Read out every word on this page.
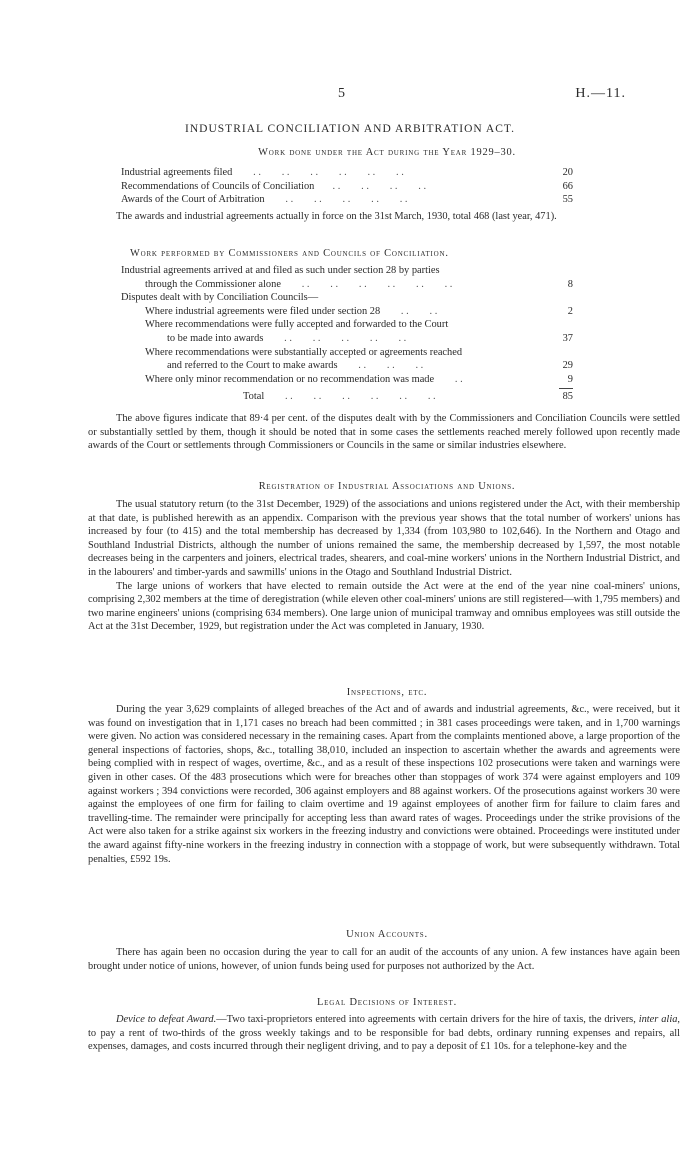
5	H.—11.
INDUSTRIAL CONCILIATION AND ARBITRATION ACT.
Work done under the Act during the Year 1929–30.
Industrial agreements filed        . .        . .        . .        . .        . .        . .	20
Recommendations of Councils of Conciliation       . .        . .        . .        . .	66
Awards of the Court of Arbitration        . .        . .        . .        . .        . .	55

The awards and industrial agreements actually in force on the 31st March, 1930, total 468 (last year, 471).

Work performed by Commissioners and Councils of Conciliation.
Industrial agreements arrived at and filed as such under section 28 by parties
through the Commissioner alone        . .        . .        . .        . .        . .        . .	8
Disputes dealt with by Conciliation Councils—
Where industrial agreements were filed under section 28        . .        . .	2
Where recommendations were fully accepted and forwarded to the Court
to be made into awards        . .        . .        . .        . .        . .	37
Where recommendations were substantially accepted or agreements reached
and referred to the Court to make awards        . .        . .        . .	29
Where only minor recommendation or no recommendation was made        . .	9
Total        . .        . .        . .        . .        . .        . .	85

The above figures indicate that 89·4 per cent. of the disputes dealt with by the Commissioners and Conciliation Councils were settled or substantially settled by them, though it should be noted that in some cases the settlements reached merely followed upon recently made awards of the Court or settlements through Commissioners or Councils in the same or similar industries elsewhere.

Registration of Industrial Associations and Unions.

The usual statutory return (to the 31st December, 1929) of the associations and unions registered under the Act, with their membership at that date, is published herewith as an appendix. Comparison with the previous year shows that the total number of workers' unions has increased by four (to 415) and the total membership has decreased by 1,334 (from 103,980 to 102,646). In the Northern and Otago and Southland Industrial Districts, although the number of unions remained the same, the membership decreased by 1,597, the most notable decreases being in the carpenters and joiners, electrical trades, shearers, and coal-mine workers' unions in the Northern Industrial District, and in the labourers' and timber-yards and sawmills' unions in the Otago and Southland Industrial District.

The large unions of workers that have elected to remain outside the Act were at the end of the year nine coal-miners' unions, comprising 2,302 members at the time of deregistration (while eleven other coal-miners' unions are still registered—with 1,795 members) and two marine engineers' unions (comprising 634 members). One large union of municipal tramway and omnibus employees was still outside the Act at the 31st December, 1929, but registration under the Act was completed in January, 1930.

Inspections, etc.

During the year 3,629 complaints of alleged breaches of the Act and of awards and industrial agreements, &c., were received, but it was found on investigation that in 1,171 cases no breach had been committed ; in 381 cases proceedings were taken, and in 1,700 warnings were given. No action was considered necessary in the remaining cases. Apart from the complaints mentioned above, a large proportion of the general inspections of factories, shops, &c., totalling 38,010, included an inspection to ascertain whether the awards and agreements were being complied with in respect of wages, overtime, &c., and as a result of these inspections 102 prosecutions were taken and warnings were given in other cases. Of the 483 prosecutions which were for breaches other than stoppages of work 374 were against employers and 109 against workers ; 394 convictions were recorded, 306 against employers and 88 against workers. Of the prosecutions against workers 30 were against the employees of one firm for failing to claim overtime and 19 against employees of another firm for failure to claim fares and travelling-time. The remainder were principally for accepting less than award rates of wages. Proceedings under the strike provisions of the Act were also taken for a strike against six workers in the freezing industry and convictions were obtained. Proceedings were instituted under the award against fifty-nine workers in the freezing industry in connection with a stoppage of work, but were subsequently withdrawn. Total penalties, £592 19s.

Union Accounts.

There has again been no occasion during the year to call for an audit of the accounts of any union. A few instances have again been brought under notice of unions, however, of union funds being used for purposes not authorized by the Act.

Legal Decisions of Interest.

Device to defeat Award.—Two taxi-proprietors entered into agreements with certain drivers for the hire of taxis, the drivers, inter alia, to pay a rent of two-thirds of the gross weekly takings and to be responsible for bad debts, ordinary running expenses and repairs, all expenses, damages, and costs incurred through their negligent driving, and to pay a deposit of £1 10s. for a telephone-key and the
